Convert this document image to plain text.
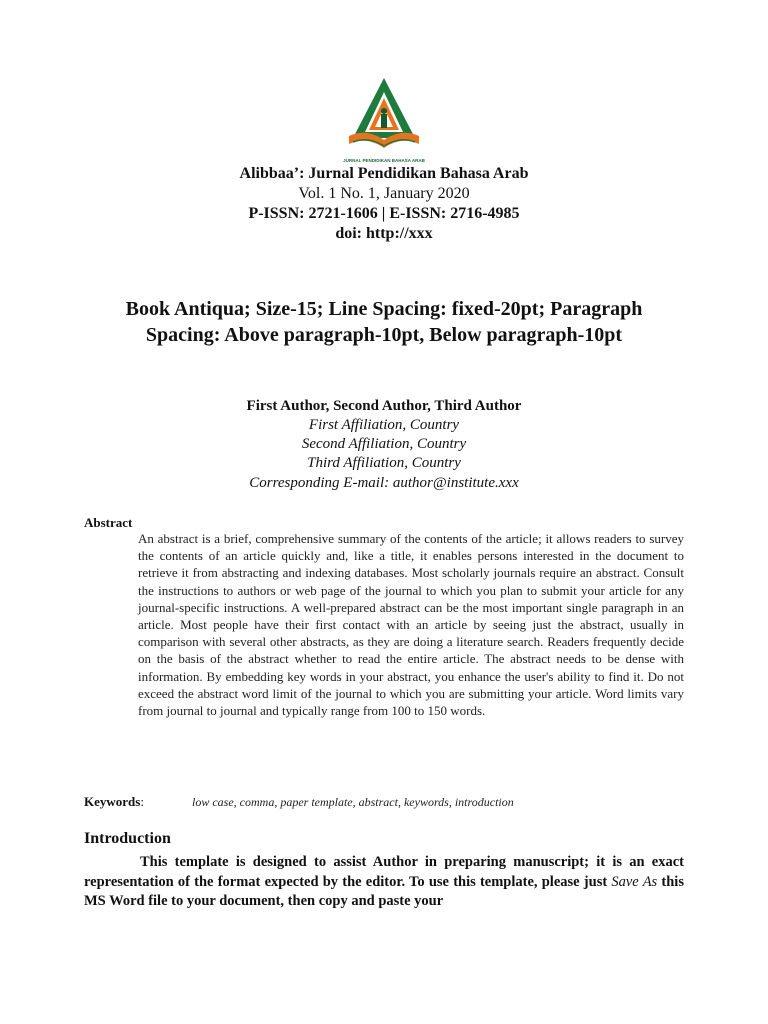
JURNAL PENDIDIKAN BAHASA ARAB
Alibbaa’: Jurnal Pendidikan Bahasa Arab
Vol. 1 No. 1, January 2020
P-ISSN: 2721-1606 | E-ISSN: 2716-4985
doi: http://xxx
Book Antiqua; Size-15; Line Spacing: fixed-20pt; Paragraph Spacing: Above paragraph-10pt, Below paragraph-10pt
First Author, Second Author, Third Author
First Affiliation, Country
Second Affiliation, Country
Third Affiliation, Country
Corresponding E-mail: author@institute.xxx
Abstract
An abstract is a brief, comprehensive summary of the contents of the article; it allows readers to survey the contents of an article quickly and, like a title, it enables persons interested in the document to retrieve it from abstracting and indexing databases. Most scholarly journals require an abstract. Consult the instructions to authors or web page of the journal to which you plan to submit your article for any journal-specific instructions. A well-prepared abstract can be the most important single paragraph in an article. Most people have their first contact with an article by seeing just the abstract, usually in comparison with several other abstracts, as they are doing a literature search. Readers frequently decide on the basis of the abstract whether to read the entire article. The abstract needs to be dense with information. By embedding key words in your abstract, you enhance the user's ability to find it. Do not exceed the abstract word limit of the journal to which you are submitting your article. Word limits vary from journal to journal and typically range from 100 to 150 words.
Keywords:	low case, comma, paper template, abstract, keywords, introduction
Introduction
This template is designed to assist Author in preparing manuscript; it is an exact representation of the format expected by the editor. To use this template, please just Save As this MS Word file to your document, then copy and paste your
